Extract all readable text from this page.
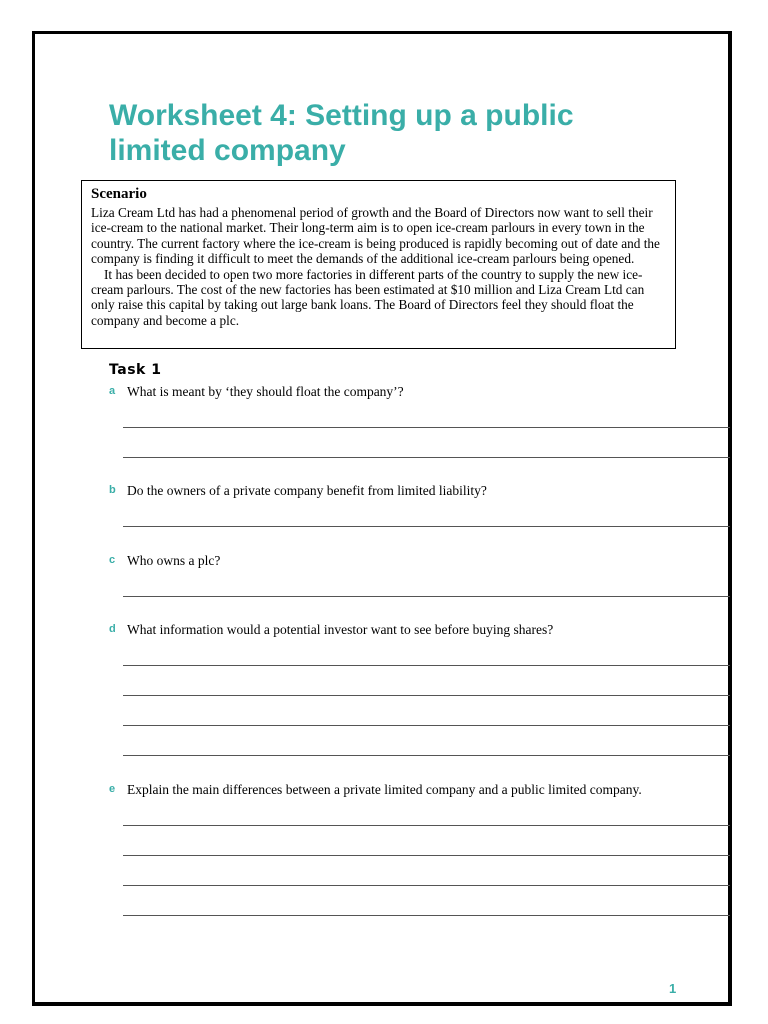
Worksheet 4: Setting up a public limited company
Scenario

Liza Cream Ltd has had a phenomenal period of growth and the Board of Directors now want to sell their ice-cream to the national market. Their long-term aim is to open ice-cream parlours in every town in the country. The current factory where the ice-cream is being produced is rapidly becoming out of date and the company is finding it difficult to meet the demands of the additional ice-cream parlours being opened.

It has been decided to open two more factories in different parts of the country to supply the new ice-cream parlours. The cost of the new factories has been estimated at $10 million and Liza Cream Ltd can only raise this capital by taking out large bank loans. The Board of Directors feel they should float the company and become a plc.

Task 1
a What is meant by ‘they should float the company’?
b Do the owners of a private company benefit from limited liability?
c Who owns a plc?
d What information would a potential investor want to see before buying shares?
e Explain the main differences between a private limited company and a public limited company.
1
